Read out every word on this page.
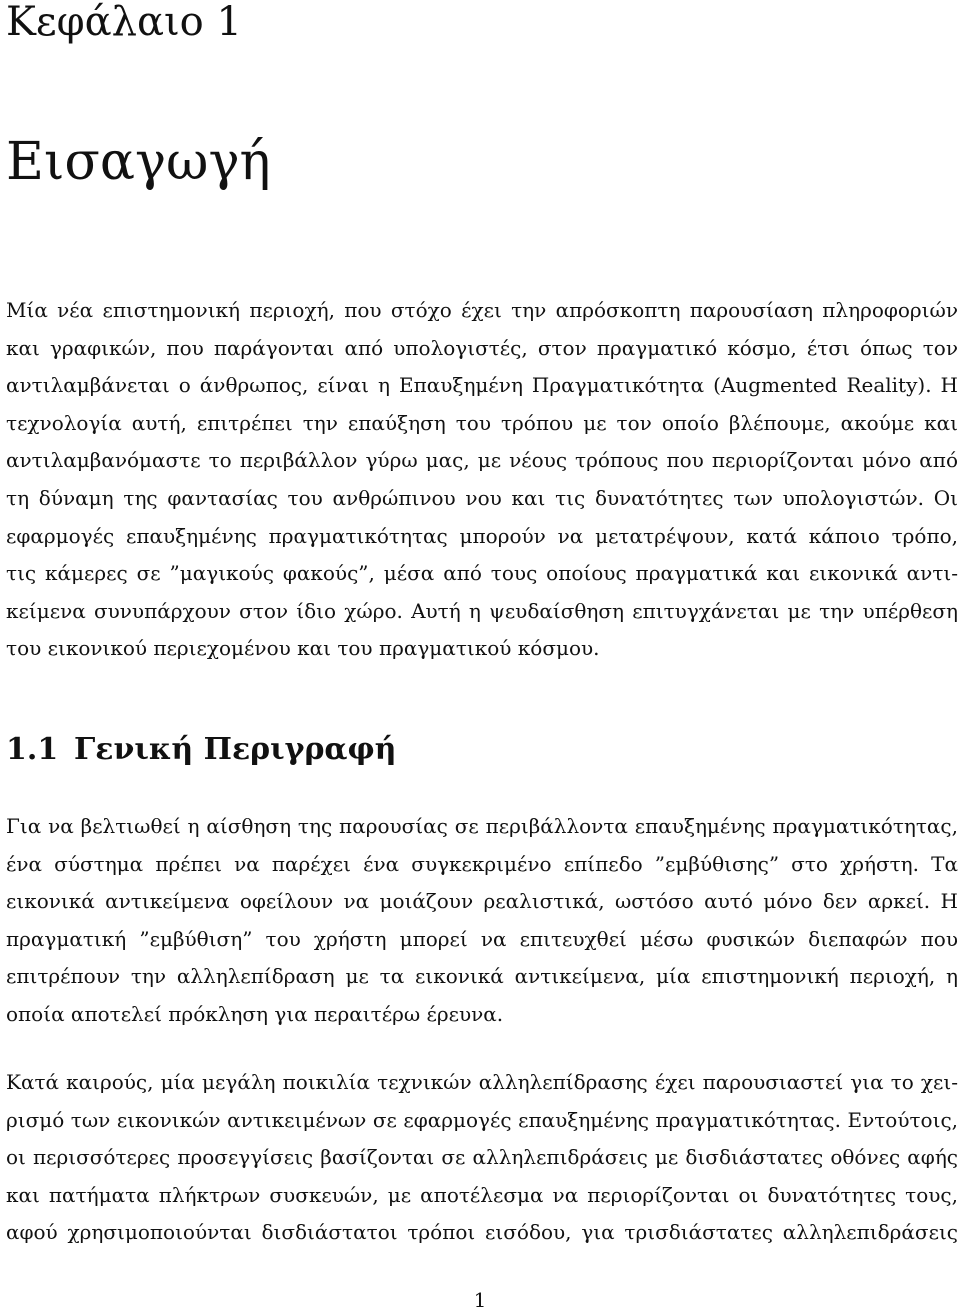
Κεφάλαιο 1
Εισαγωγή

Μία νέα επιστημονική περιοχή, που στόχο έχει την απρόσκοπτη παρουσίαση πληροφοριών
και γραφικών, που παράγονται από υπολογιστές, στον πραγματικό κόσμο, έτσι όπως τον
αντιλαμβάνεται ο άνθρωπος, είναι η Επαυξημένη Πραγματικότητα (Augmented Reality). Η
τεχνολογία αυτή, επιτρέπει την επαύξηση του τρόπου με τον οποίο βλέπουμε, ακούμε και
αντιλαμβανόμαστε το περιβάλλον γύρω μας, με νέους τρόπους που περιορίζονται μόνο από
τη δύναμη της φαντασίας του ανθρώπινου νου και τις δυνατότητες των υπολογιστών. Οι
εφαρμογές επαυξημένης πραγματικότητας μπορούν να μετατρέψουν, κατά κάποιο τρόπο,
τις κάμερες σε ”μαγικούς φακούς”, μέσα από τους οποίους πραγματικά και εικονικά αντι-
κείμενα συνυπάρχουν στον ίδιο χώρο. Αυτή η ψευδαίσθηση επιτυγχάνεται με την υπέρθεση
του εικονικού περιεχομένου και του πραγματικού κόσμου.

1.1 Γενική Περιγραφή

Για να βελτιωθεί η αίσθηση της παρουσίας σε περιβάλλοντα επαυξημένης πραγματικότητας,
ένα σύστημα πρέπει να παρέχει ένα συγκεκριμένο επίπεδο ”εμβύθισης” στο χρήστη. Τα
εικονικά αντικείμενα οφείλουν να μοιάζουν ρεαλιστικά, ωστόσο αυτό μόνο δεν αρκεί. Η
πραγματική ”εμβύθιση” του χρήστη μπορεί να επιτευχθεί μέσω φυσικών διεπαφών που
επιτρέπουν την αλληλεπίδραση με τα εικονικά αντικείμενα, μία επιστημονική περιοχή, η
οποία αποτελεί πρόκληση για περαιτέρω έρευνα.

Κατά καιρούς, μία μεγάλη ποικιλία τεχνικών αλληλεπίδρασης έχει παρουσιαστεί για το χει-
ρισμό των εικονικών αντικειμένων σε εφαρμογές επαυξημένης πραγματικότητας. Εντούτοις,
οι περισσότερες προσεγγίσεις βασίζονται σε αλληλεπιδράσεις με δισδιάστατες οθόνες αφής
και πατήματα πλήκτρων συσκευών, με αποτέλεσμα να περιορίζονται οι δυνατότητες τους,
αφού χρησιμοποιούνται δισδιάστατοι τρόποι εισόδου, για τρισδιάστατες αλληλεπιδράσεις

1
